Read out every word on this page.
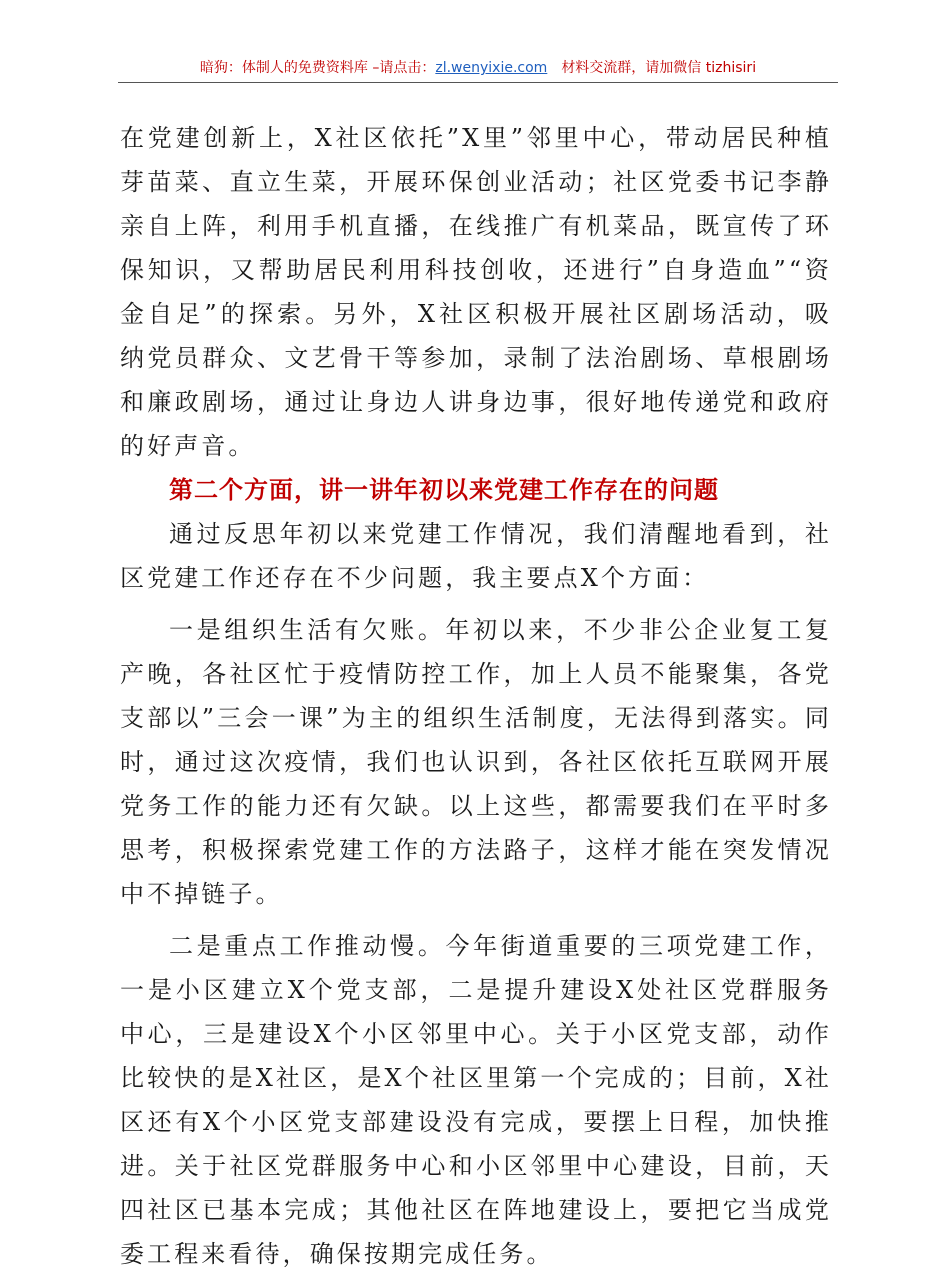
暗狗：体制人的免费资料库 –请点击：zl.wenyixie.com 材料交流群，请加微信 tizhisiri

在党建创新上，X社区依托”X里”邻里中心，带动居民种植芽苗菜、直立生菜，开展环保创业活动；社区党委书记李静亲自上阵，利用手机直播，在线推广有机菜品，既宣传了环保知识，又帮助居民利用科技创收，还进行”自身造血”“资金自足”的探索。另外，X社区积极开展社区剧场活动，吸纳党员群众、文艺骨干等参加，录制了法治剧场、草根剧场和廉政剧场，通过让身边人讲身边事，很好地传递党和政府的好声音。

第二个方面，讲一讲年初以来党建工作存在的问题

通过反思年初以来党建工作情况，我们清醒地看到，社区党建工作还存在不少问题，我主要点X个方面：

一是组织生活有欠账。年初以来，不少非公企业复工复产晚，各社区忙于疫情防控工作，加上人员不能聚集，各党支部以”三会一课”为主的组织生活制度，无法得到落实。同时，通过这次疫情，我们也认识到，各社区依托互联网开展党务工作的能力还有欠缺。以上这些，都需要我们在平时多思考，积极探索党建工作的方法路子，这样才能在突发情况中不掉链子。

二是重点工作推动慢。今年街道重要的三项党建工作，一是小区建立X个党支部，二是提升建设X处社区党群服务中心，三是建设X个小区邻里中心。关于小区党支部，动作比较快的是X社区，是X个社区里第一个完成的；目前，X社区还有X个小区党支部建设没有完成，要摆上日程，加快推进。关于社区党群服务中心和小区邻里中心建设，目前，天四社区已基本完成；其他社区在阵地建设上，要把它当成党委工程来看待，确保按期完成任务。
